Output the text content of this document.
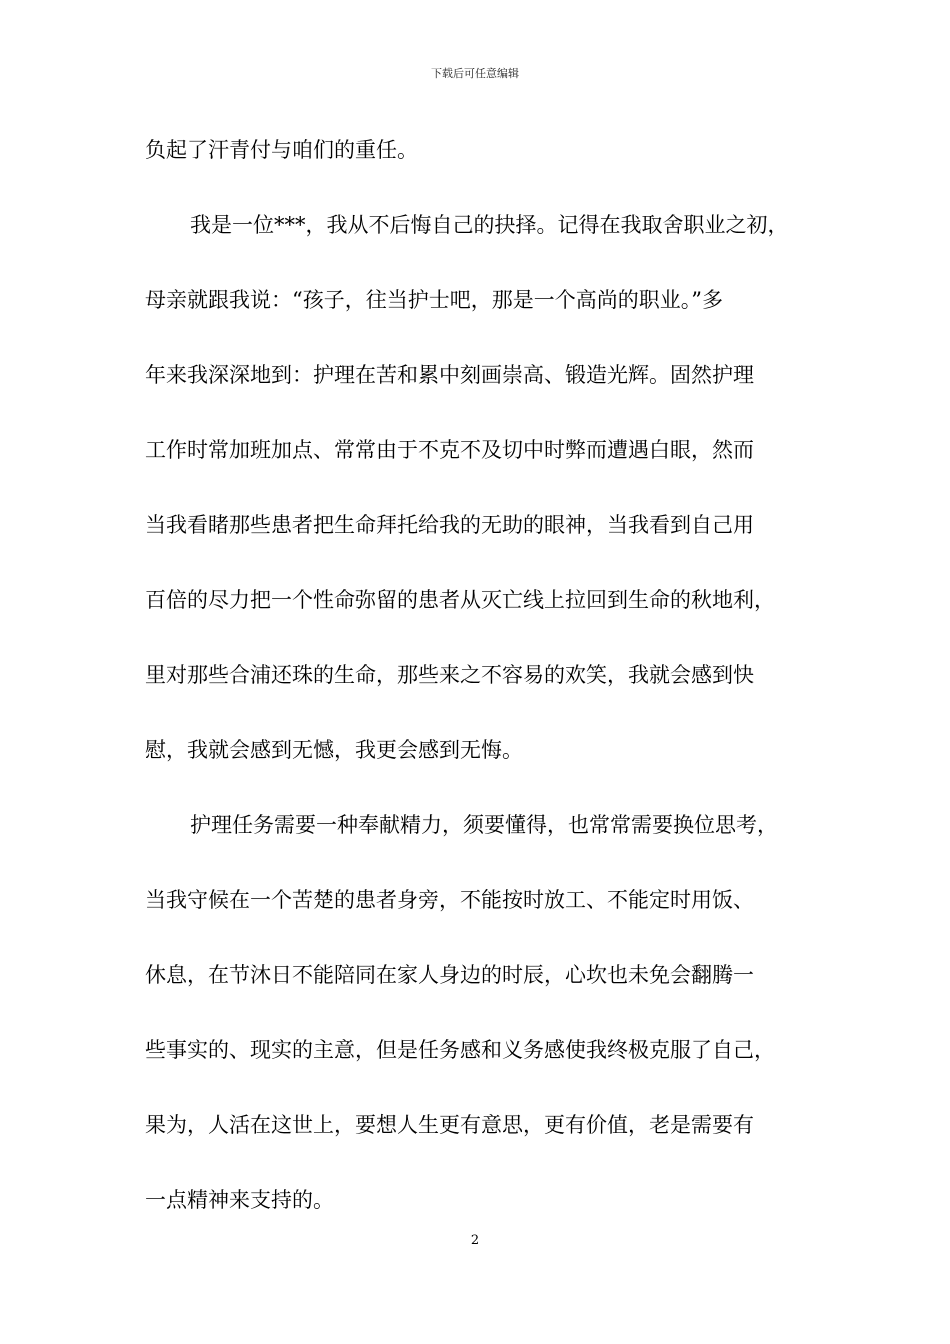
下载后可任意编辑
负起了汗青付与咱们的重任。
我是一位***，我从不后悔自己的抉择。记得在我取舍职业之初，
母亲就跟我说：“孩子，往当护士吧，那是一个高尚的职业。”多
年来我深深地到：护理在苦和累中刻画崇高、锻造光辉。固然护理
工作时常加班加点、常常由于不克不及切中时弊而遭遇白眼，然而
当我看睹那些患者把生命拜托给我的无助的眼神，当我看到自己用
百倍的尽力把一个性命弥留的患者从灭亡线上拉回到生命的秋地利，
里对那些合浦还珠的生命，那些来之不容易的欢笑，我就会感到快
慰，我就会感到无憾，我更会感到无悔。
护理任务需要一种奉献精力，须要懂得，也常常需要换位思考，
当我守候在一个苦楚的患者身旁，不能按时放工、不能定时用饭、
休息，在节沐日不能陪同在家人身边的时辰，心坎也未免会翻腾一
些事实的、现实的主意，但是任务感和义务感使我终极克服了自己，
果为，人活在这世上，要想人生更有意思，更有价值，老是需要有
一点精神来支持的。
2
